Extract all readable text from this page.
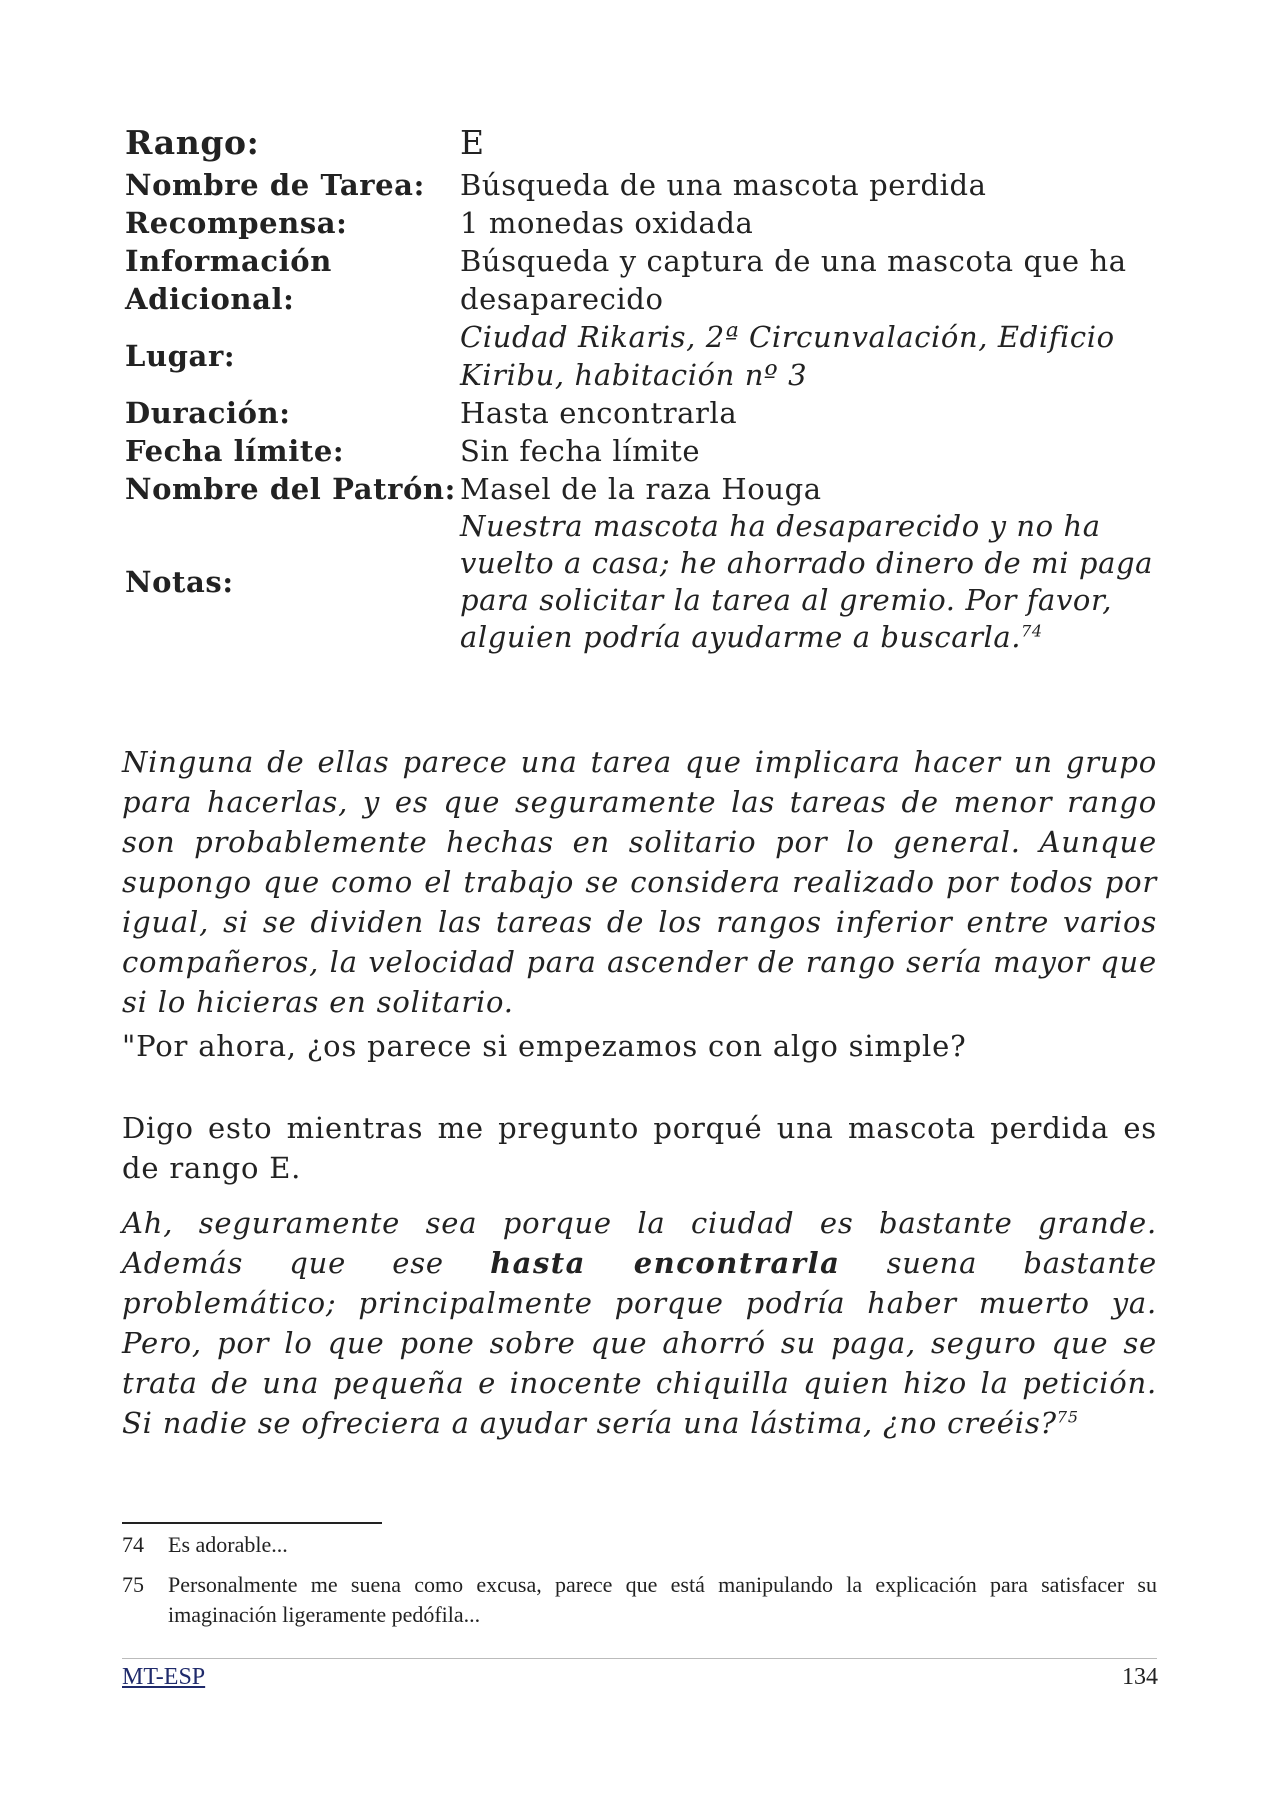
Rango:	E
Nombre de Tarea:	Búsqueda de una mascota perdida
Recompensa:	1 monedas oxidada
Información Adicional:	Búsqueda y captura de una mascota que ha desaparecido
Lugar:	Ciudad Rikaris, 2ª Circunvalación, Edificio Kiribu, habitación nº 3
Duración:	Hasta encontrarla
Fecha límite:	Sin fecha límite
Nombre del Patrón:	Masel de la raza Houga
Notas:	Nuestra mascota ha desaparecido y no ha vuelto a casa; he ahorrado dinero de mi paga para solicitar la tarea al gremio. Por favor, alguien podría ayudarme a buscarla.$^{74}$

Ninguna de ellas parece una tarea que implicara hacer un grupo para hacerlas, y es que seguramente las tareas de menor rango son probablemente hechas en solitario por lo general. Aunque supongo que como el trabajo se considera realizado por todos por igual, si se dividen las tareas de los rangos inferior entre varios compañeros, la velocidad para ascender de rango sería mayor que si lo hicieras en solitario.

"Por ahora, ¿os parece si empezamos con algo simple?

Digo esto mientras me pregunto porqué una mascota perdida es de rango E.

Ah, seguramente sea porque la ciudad es bastante grande. Además que ese hasta encontrarla suena bastante problemático; principalmente porque podría haber muerto ya. Pero, por lo que pone sobre que ahorró su paga, seguro que se trata de una pequeña e inocente chiquilla quien hizo la petición. Si nadie se ofreciera a ayudar sería una lástima, ¿no creéis?$^{75}$

74	Es adorable...
75	Personalmente me suena como excusa, parece que está manipulando la explicación para satisfacer su imaginación ligeramente pedófila...
MT-ESP	134
